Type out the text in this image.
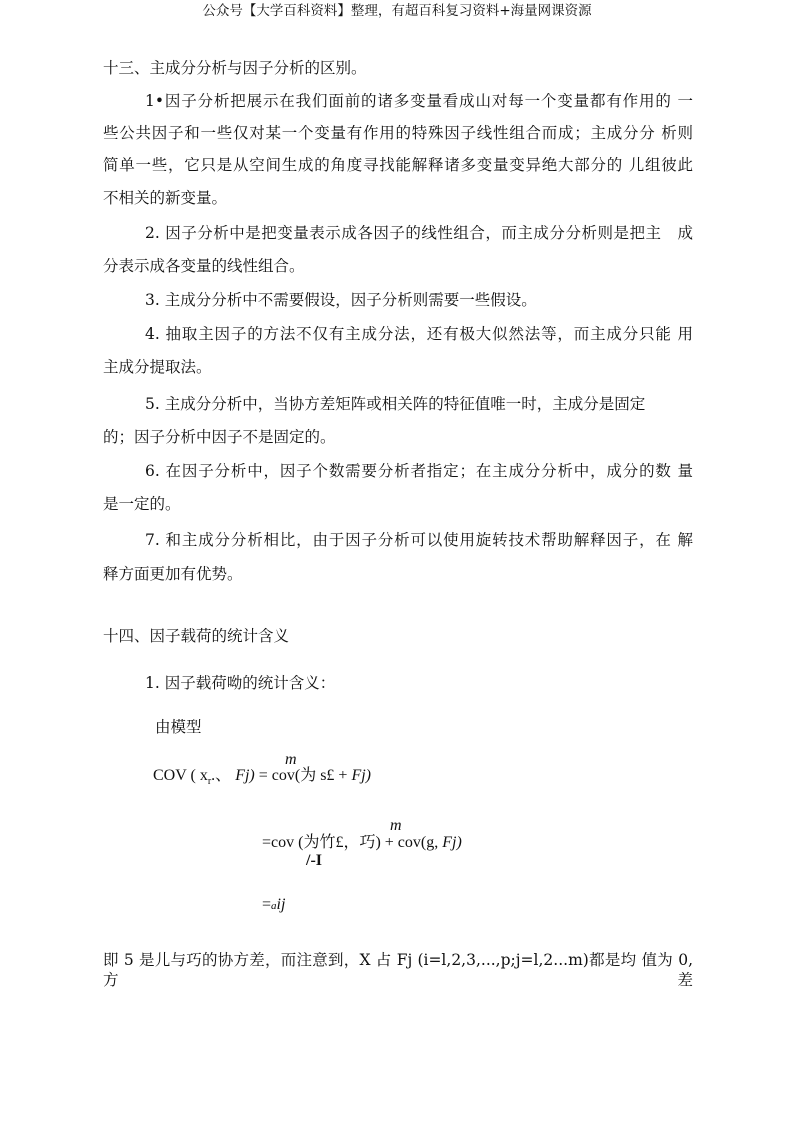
公众号【大学百科资料】整理，有超百科复习资料+海量网课资源
十三、主成分分析与因子分析的区别。
1•因子分析把展示在我们面前的诸多变量看成山对每一个变量都有作用的 一
些公共因子和一些仅对某一个变量有作用的特殊因子线性组合而成；主成分分 析则
简单一些，它只是从空间生成的角度寻找能解释诸多变量变异绝大部分的 儿组彼此
不相关的新变量。
2. 因子分析中是把变量表示成各因子的线性组合，而主成分分析则是把主　成
分表示成各变量的线性组合。
3. 主成分分析中不需要假设，因子分析则需要一些假设。
4. 抽取主因子的方法不仅有主成分法，还有极大似然法等，而主成分只能 用
主成分提取法。
5. 主成分分析中，当协方差矩阵或相关阵的特征值唯一时，主成分是固定
的；因子分析中因子不是固定的。
6. 在因子分析中，因子个数需要分析者指定；在主成分分析中，成分的数 量
是一定的。
7. 和主成分分析相比，由于因子分析可以使用旋转技术帮助解释因子，在 解
释方面更加有优势。
十四、因子载荷的统计含义
1. 因子载荷呦的统计含义：
由模型
m
COV ( $x_r$.、 Fj) = cov(为 s£ + Fj)
m
=cov (为竹£，巧) + cov(g, Fj)
/-I
=aij
即 5 是儿与巧的协方差，而注意到，X 占 Fj (i=l,2,3,...,p;j=l,2...m)都是均 值为 0,方差
